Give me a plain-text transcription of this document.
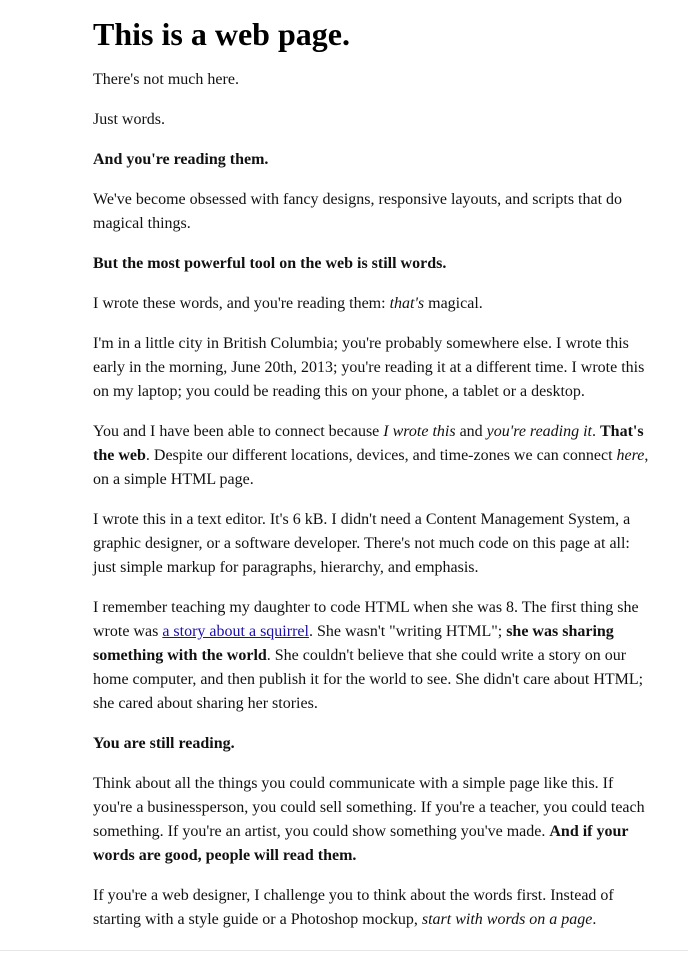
This is a web page.

There's not much here.

Just words.

And you're reading them.

We've become obsessed with fancy designs, responsive layouts, and scripts that do magical things.

But the most powerful tool on the web is still words.

I wrote these words, and you're reading them: that's magical.

I'm in a little city in British Columbia; you're probably somewhere else. I wrote this early in the morning, June 20th, 2013; you're reading it at a different time. I wrote this on my laptop; you could be reading this on your phone, a tablet or a desktop.

You and I have been able to connect because I wrote this and you're reading it. That's the web. Despite our different locations, devices, and time-zones we can connect here, on a simple HTML page.

I wrote this in a text editor. It's 6 kB. I didn't need a Content Management System, a graphic designer, or a software developer. There's not much code on this page at all: just simple markup for paragraphs, hierarchy, and emphasis.

I remember teaching my daughter to code HTML when she was 8. The first thing she wrote was a story about a squirrel. She wasn't "writing HTML"; she was sharing something with the world. She couldn't believe that she could write a story on our home computer, and then publish it for the world to see. She didn't care about HTML; she cared about sharing her stories.

You are still reading.

Think about all the things you could communicate with a simple page like this. If you're a businessperson, you could sell something. If you're a teacher, you could teach something. If you're an artist, you could show something you've made. And if your words are good, people will read them.

If you're a web designer, I challenge you to think about the words first. Instead of starting with a style guide or a Photoshop mockup, start with words on a page.
